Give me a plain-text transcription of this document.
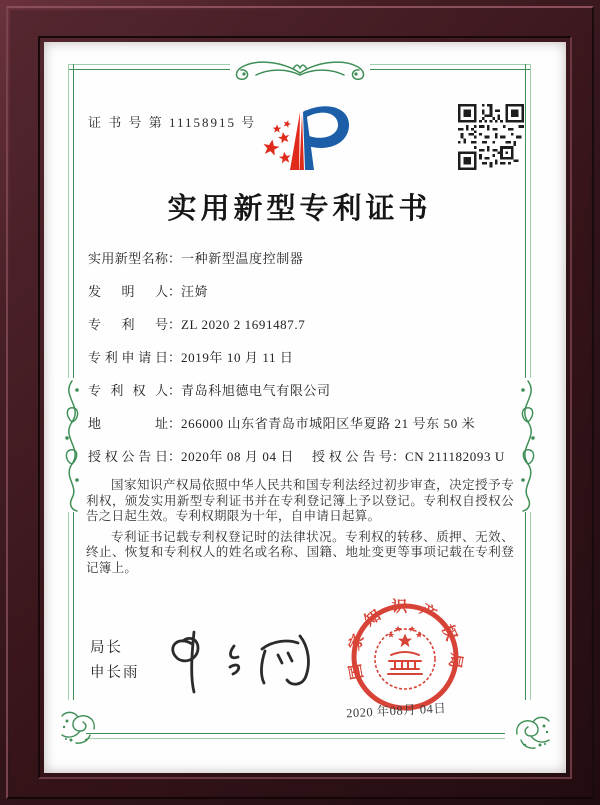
证 书 号 第 11158915 号
实用新型专利证书
实用新型名称：一种新型温度控制器
发明人：汪婍
专利号：ZL 2020 2 1691487.7
专利申请日：2019年 10 月 11 日
专利权人：青岛科旭德电气有限公司
地址：266000 山东省青岛市城阳区华夏路 21 号东 50 米
授权公告日：2020年 08 月 04 日 授权公告号：CN 211182093 U

国家知识产权局依照中华人民共和国专利法经过初步审查，决定授予专利权，颁发实用新型专利证书并在专利登记簿上予以登记。专利权自授权公告之日起生效。专利权期限为十年，自申请日起算。

专利证书记载专利权登记时的法律状况。专利权的转移、质押、无效、终止、恢复和专利权人的姓名或名称、国籍、地址变更等事项记载在专利登记簿上。

局长
申长雨	国家知识产权局
2020 年08月 04日
